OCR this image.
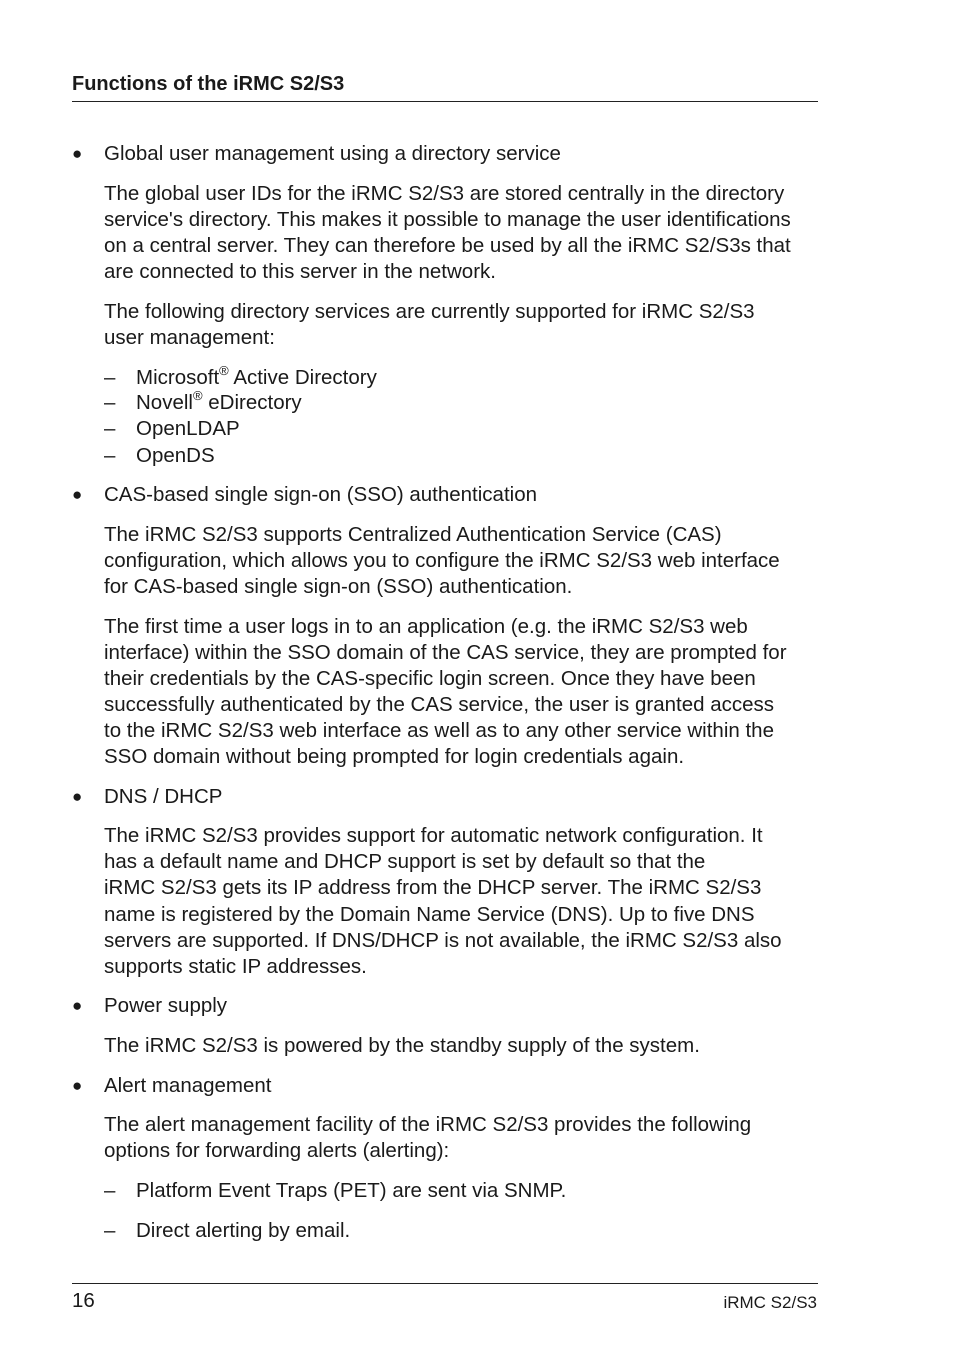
Functions of the iRMC S2/S3
● Global user management using a directory service
The global user IDs for the iRMC S2/S3 are stored centrally in the directory
service's directory. This makes it possible to manage the user identifications
on a central server. They can therefore be used by all the iRMC S2/S3s that
are connected to this server in the network.
The following directory services are currently supported for iRMC S2/S3
user management:
– Microsoft® Active Directory
– Novell® eDirectory
– OpenLDAP
– OpenDS
● CAS-based single sign-on (SSO) authentication
The iRMC S2/S3 supports Centralized Authentication Service (CAS)
configuration, which allows you to configure the iRMC S2/S3 web interface
for CAS-based single sign-on (SSO) authentication.
The first time a user logs in to an application (e.g. the iRMC S2/S3 web
interface) within the SSO domain of the CAS service, they are prompted for
their credentials by the CAS-specific login screen. Once they have been
successfully authenticated by the CAS service, the user is granted access
to the iRMC S2/S3 web interface as well as to any other service within the
SSO domain without being prompted for login credentials again.
● DNS / DHCP
The iRMC S2/S3 provides support for automatic network configuration. It
has a default name and DHCP support is set by default so that the
iRMC S2/S3 gets its IP address from the DHCP server. The iRMC S2/S3
name is registered by the Domain Name Service (DNS). Up to five DNS
servers are supported. If DNS/DHCP is not available, the iRMC S2/S3 also
supports static IP addresses.
● Power supply
The iRMC S2/S3 is powered by the standby supply of the system.
● Alert management
The alert management facility of the iRMC S2/S3 provides the following
options for forwarding alerts (alerting):
– Platform Event Traps (PET) are sent via SNMP.
– Direct alerting by email.
16	iRMC S2/S3
